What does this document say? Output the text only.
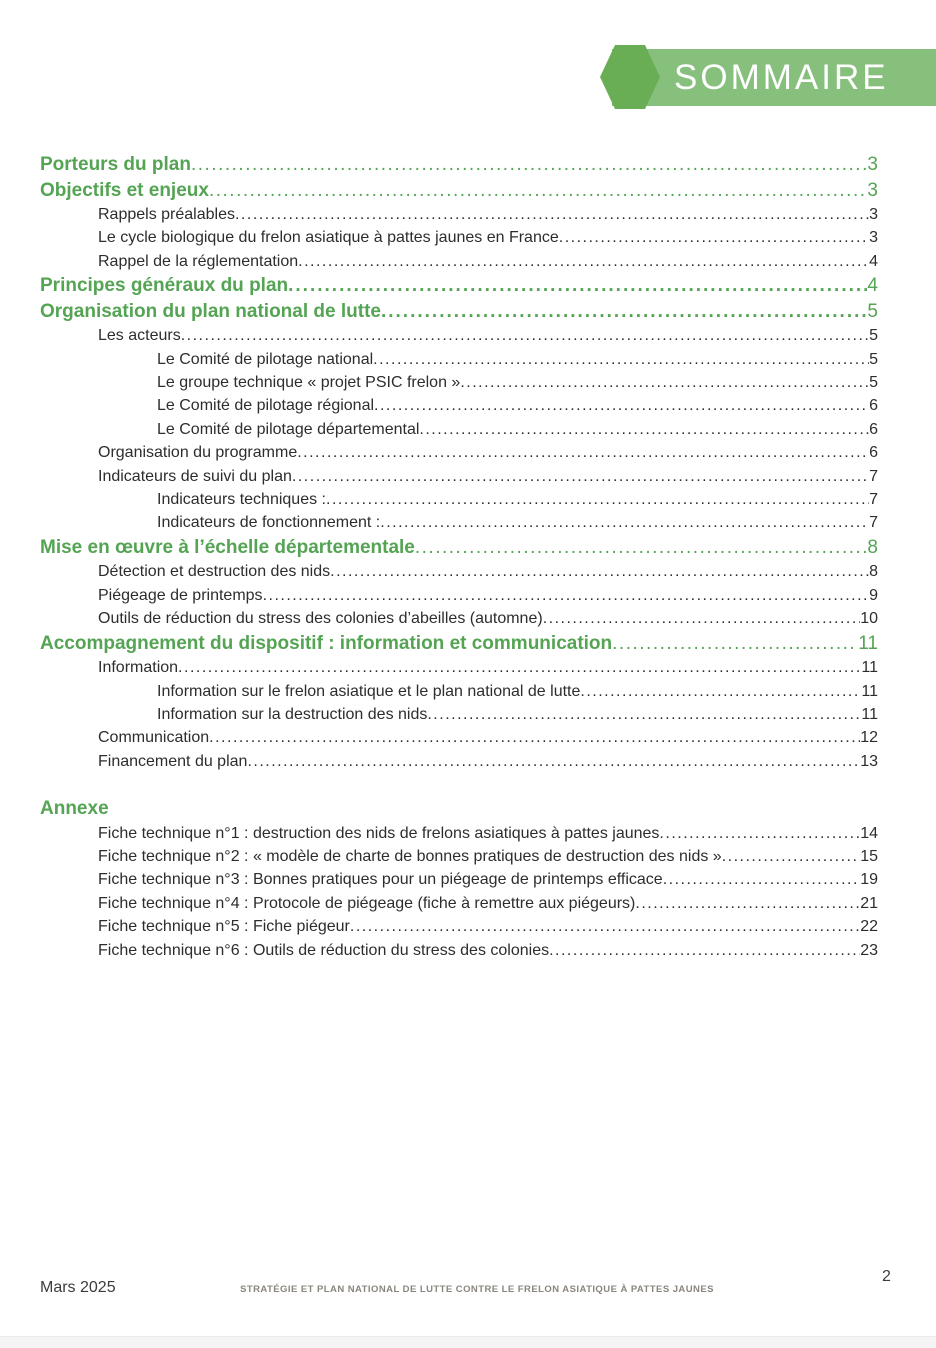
SOMMAIRE
Porteurs du plan .....	3
Objectifs et enjeux .....	3
Rappels préalables .....	3
Le cycle biologique du frelon asiatique à pattes jaunes en France .....	3
Rappel de la réglementation .....	4
Principes généraux du plan .....	4
Organisation du plan national de lutte .....	5
Les acteurs .....	5
Le Comité de pilotage national .....	5
Le groupe technique « projet PSIC frelon » .....	5
Le Comité de pilotage régional .....	6
Le Comité de pilotage départemental .....	6
Organisation du programme .....	6
Indicateurs de suivi du plan .....	7
Indicateurs techniques : .....	7
Indicateurs de fonctionnement : .....	7
Mise en œuvre à l’échelle départementale .....	8
Détection et destruction des nids .....	8
Piégeage de printemps .....	9
Outils de réduction du stress des colonies d’abeilles (automne) .....	10
Accompagnement du dispositif : information et communication .....	11
Information .....	11
Information sur le frelon asiatique et le plan national de lutte .....	11
Information sur la destruction des nids .....	11
Communication .....	12
Financement du plan .....	13
Annexe
Fiche technique n°1 : destruction des nids de frelons asiatiques à pattes jaunes .....	14
Fiche technique n°2 : « modèle de charte de bonnes pratiques de destruction des nids » .....	15
Fiche technique n°3 : Bonnes pratiques pour un piégeage de printemps efficace .....	19
Fiche technique n°4 : Protocole de piégeage (fiche à remettre aux piégeurs) .....	21
Fiche technique n°5 : Fiche piégeur .....	22
Fiche technique n°6 : Outils de réduction du stress des colonies .....	23
Mars 2025	STRATÉGIE ET PLAN NATIONAL DE LUTTE CONTRE LE FRELON ASIATIQUE À PATTES JAUNES
2
